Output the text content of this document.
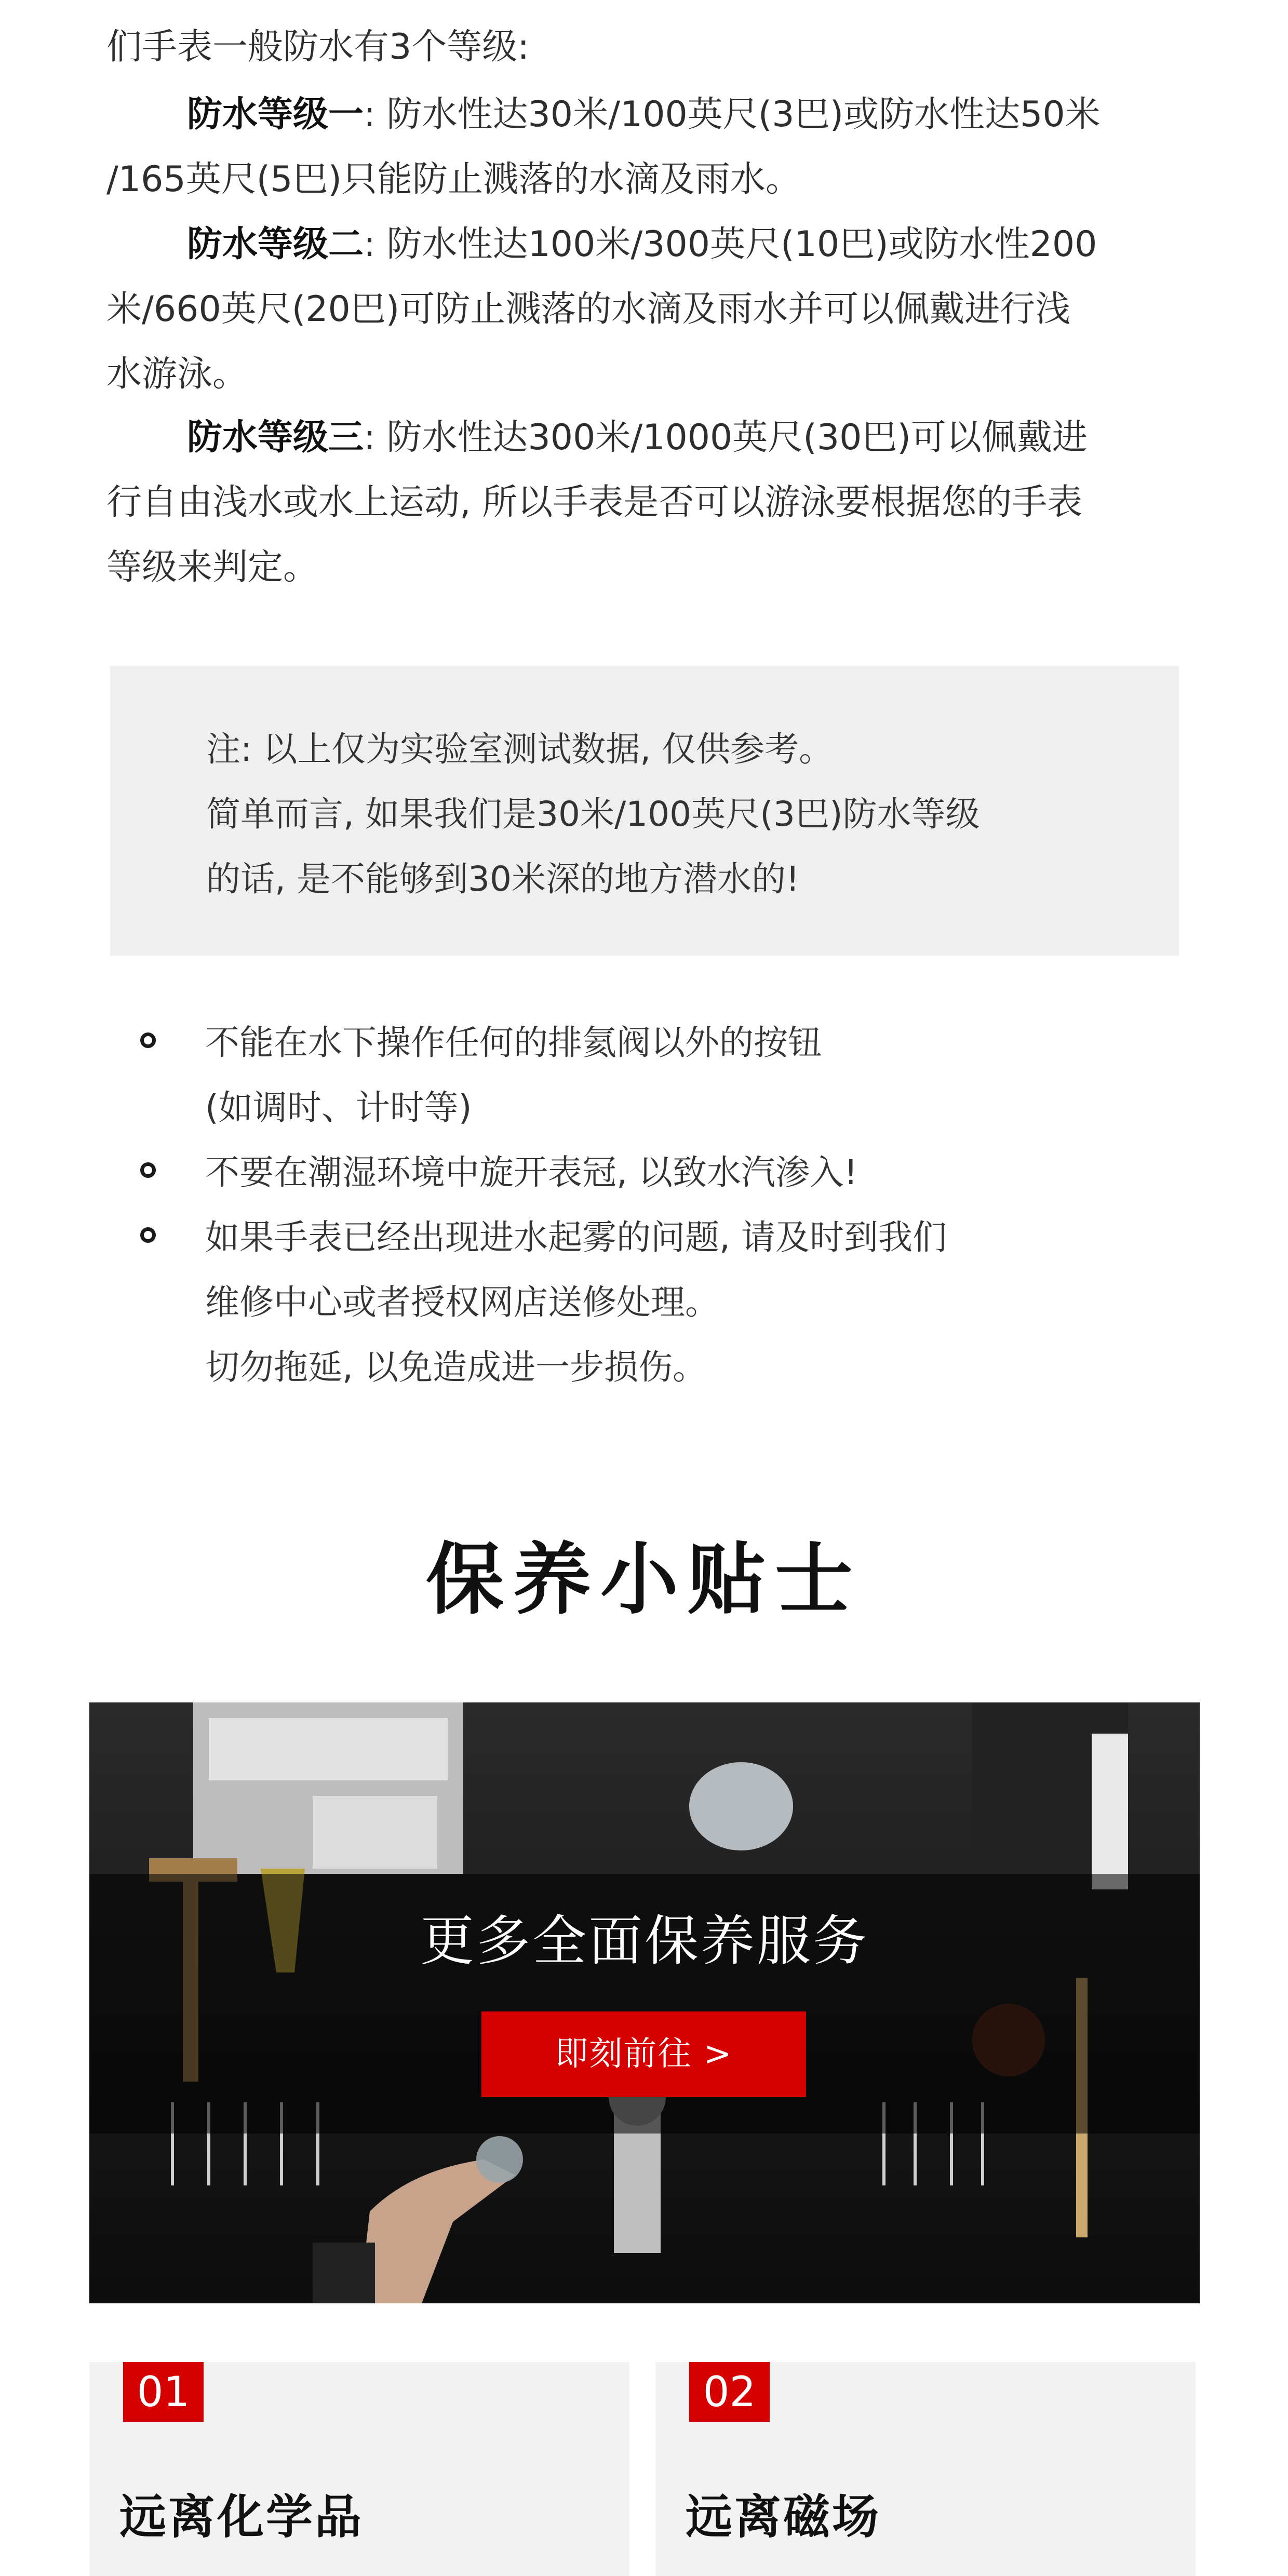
们手表一般防水有3个等级:

防水等级一: 防水性达30米/100英尺(3巴)或防水性达50米
/165英尺(5巴)只能防止溅落的水滴及雨水。

防水等级二: 防水性达100米/300英尺(10巴)或防水性200
米/660英尺(20巴)可防止溅落的水滴及雨水并可以佩戴进行浅
水游泳。

防水等级三: 防水性达300米/1000英尺(30巴)可以佩戴进
行自由浅水或水上运动, 所以手表是否可以游泳要根据您的手表
等级来判定。

注: 以上仅为实验室测试数据, 仅供参考。

简单而言, 如果我们是30米/100英尺(3巴)防水等级

的话, 是不能够到30米深的地方潜水的!

不能在水下操作任何的排氦阀以外的按钮
(如调时、计时等)
不要在潮湿环境中旋开表冠, 以致水汽渗入!
如果手表已经出现进水起雾的问题, 请及时到我们
维修中心或者授权网店送修处理。
切勿拖延, 以免造成进一步损伤。
保养小贴士
更多全面保养服务
即刻前往 >
01
远离化学品
02
远离磁场
